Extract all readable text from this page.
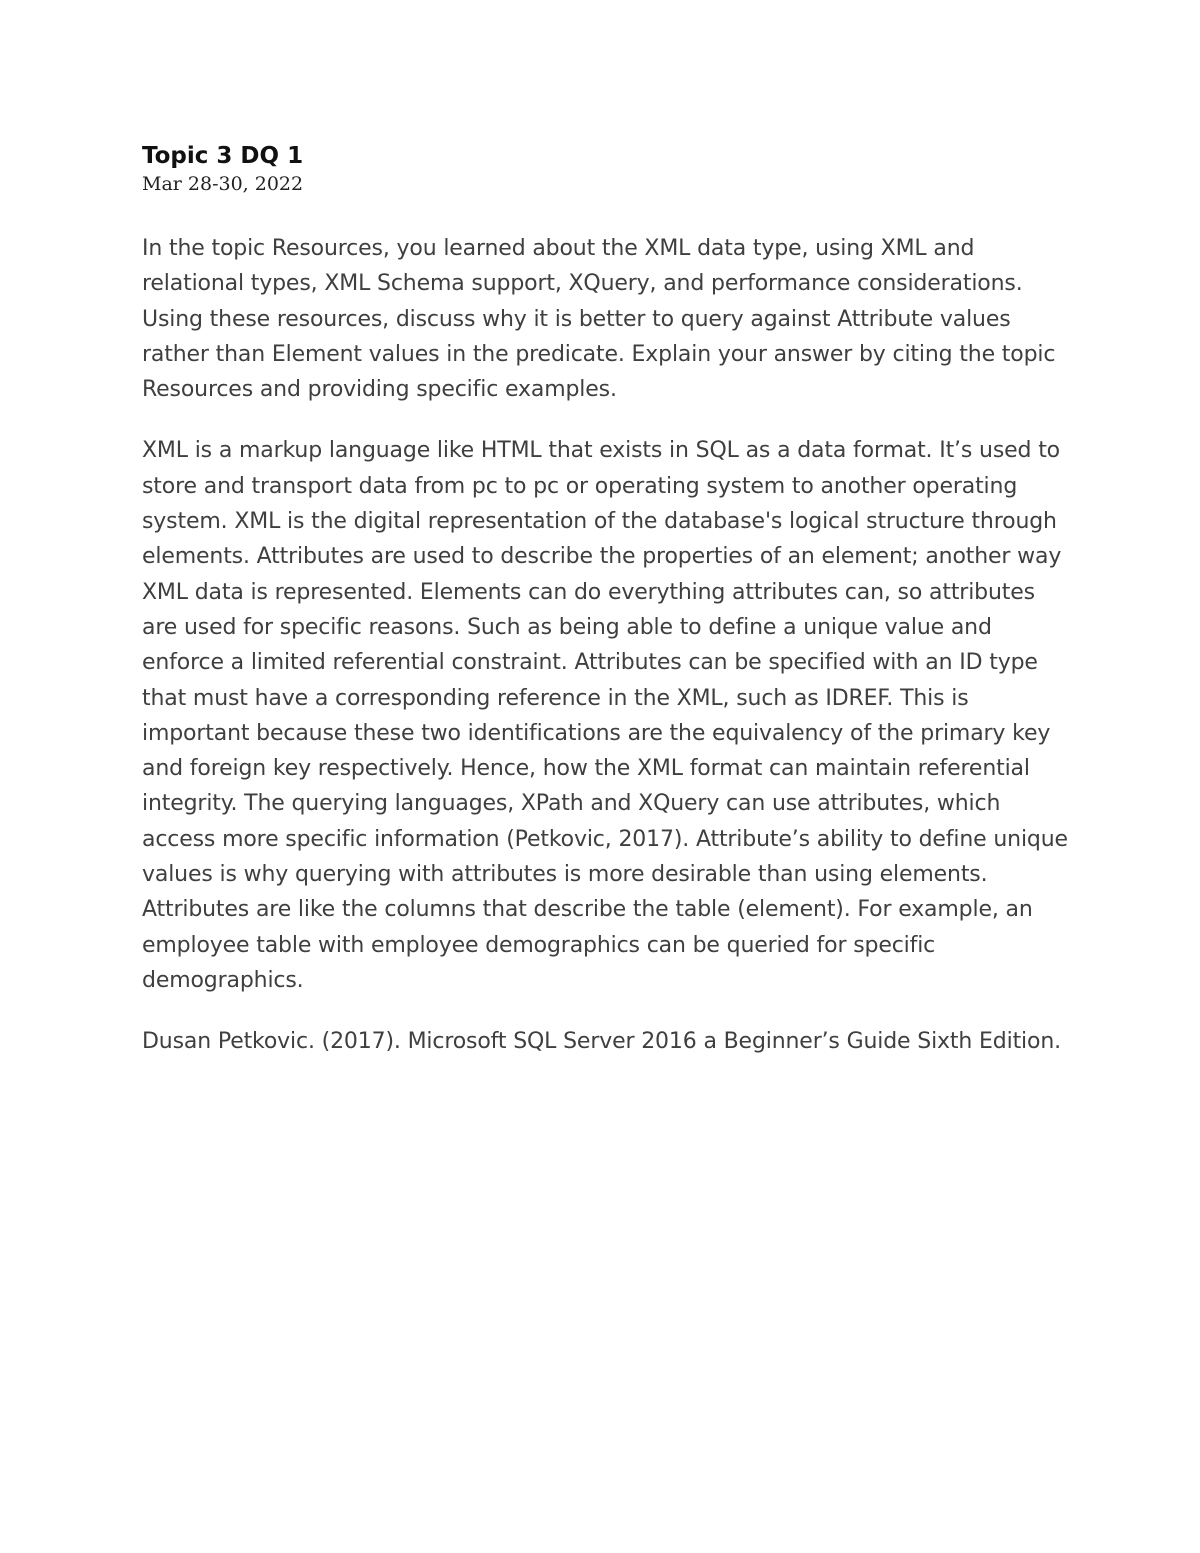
Topic 3 DQ 1

Mar 28-30, 2022

In the topic Resources, you learned about the XML data type, using XML and relational types, XML Schema support, XQuery, and performance considerations. Using these resources, discuss why it is better to query against Attribute values rather than Element values in the predicate. Explain your answer by citing the topic Resources and providing specific examples.

XML is a markup language like HTML that exists in SQL as a data format. It’s used to store and transport data from pc to pc or operating system to another operating system. XML is the digital representation of the database's logical structure through elements. Attributes are used to describe the properties of an element; another way XML data is represented. Elements can do everything attributes can, so attributes are used for specific reasons. Such as being able to define a unique value and enforce a limited referential constraint. Attributes can be specified with an ID type that must have a corresponding reference in the XML, such as IDREF. This is important because these two identifications are the equivalency of the primary key and foreign key respectively. Hence, how the XML format can maintain referential integrity. The querying languages, XPath and XQuery can use attributes, which access more specific information (Petkovic, 2017). Attribute’s ability to define unique values is why querying with attributes is more desirable than using elements. Attributes are like the columns that describe the table (element). For example, an employee table with employee demographics can be queried for specific demographics.

Dusan Petkovic. (2017). Microsoft SQL Server 2016 a Beginner’s Guide Sixth Edition.
